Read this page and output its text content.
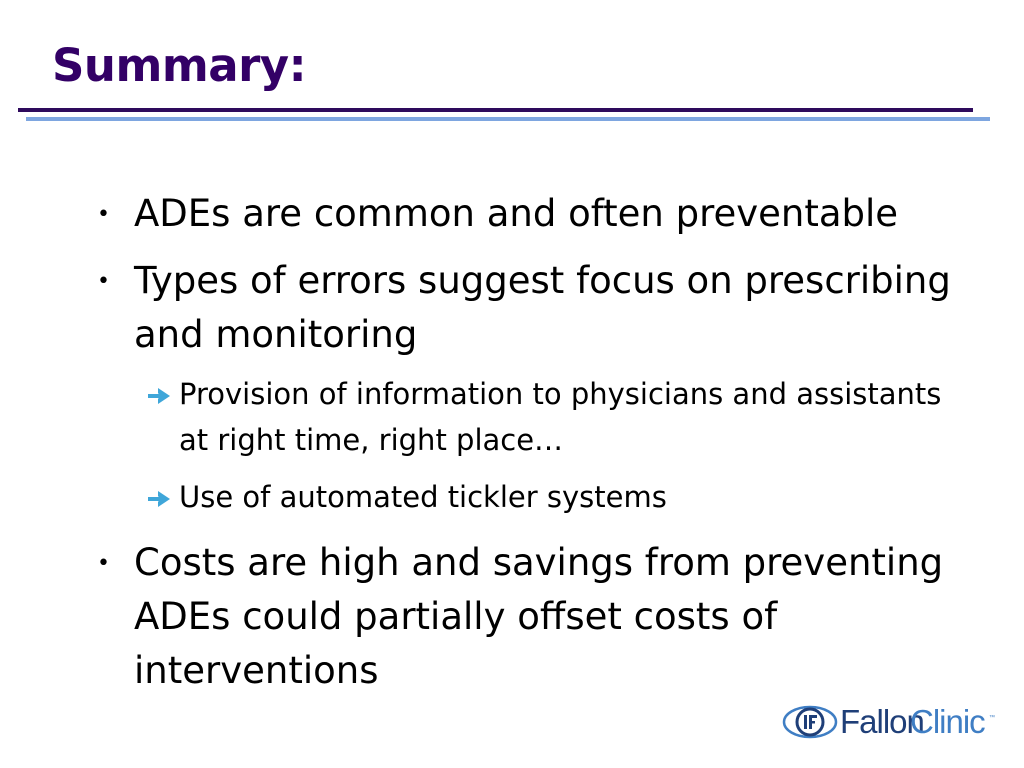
Summary:
• ADEs are common and often preventable
• Types of errors suggest focus on prescribing and monitoring
Provision of information to physicians and assistants at right time, right place…
Use of automated tickler systems
• Costs are high and savings from preventing ADEs could partially offset costs of interventions
Fallon
Clinic ™
